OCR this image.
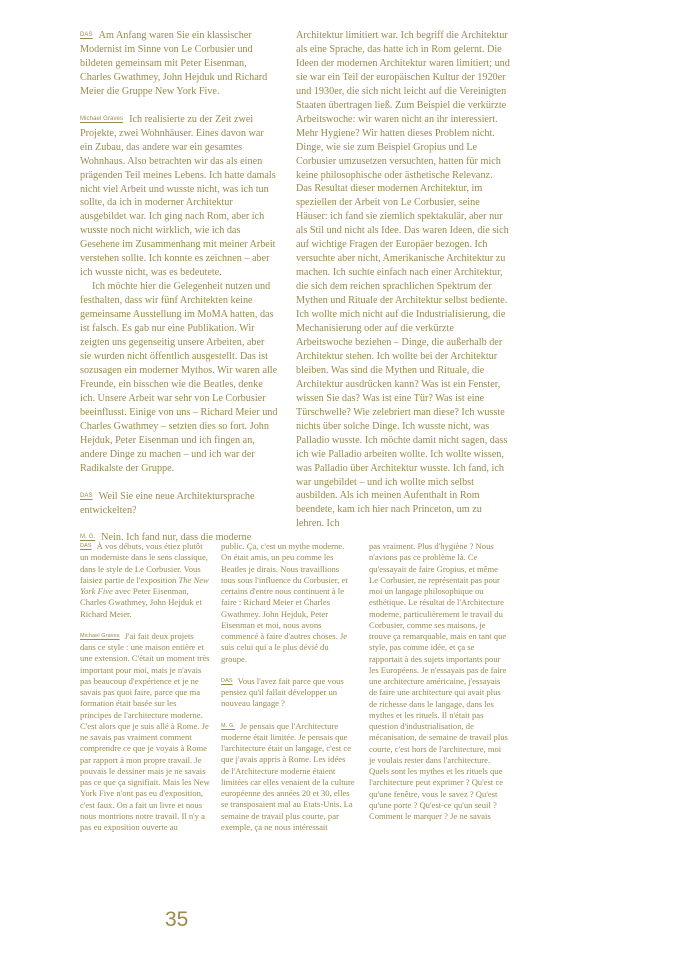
DAS Am Anfang waren Sie ein klassischer Modernist im Sinne von Le Corbusier und bildeten gemeinsam mit Peter Eisenman, Charles Gwathmey, John Hejduk und Richard Meier die Gruppe New York Five.

Michael Graves Ich realisierte zu der Zeit zwei Projekte, zwei Wohnhäuser. Eines davon war ein Zubau, das andere war ein gesamtes Wohnhaus. Also betrachten wir das als einen prägenden Teil meines Lebens. Ich hatte damals nicht viel Arbeit und wusste nicht, was ich tun sollte, da ich in moderner Architektur ausgebildet war. Ich ging nach Rom, aber ich wusste noch nicht wirklich, wie ich das Gesehene im Zusammenhang mit meiner Arbeit verstehen sollte. Ich konnte es zeichnen – aber ich wusste nicht, was es bedeutete.

Ich möchte hier die Gelegenheit nutzen und festhalten, dass wir fünf Architekten keine gemeinsame Ausstellung im MoMA hatten, das ist falsch. Es gab nur eine Publikation. Wir zeigten uns gegenseitig unsere Arbeiten, aber sie wurden nicht öffentlich ausgestellt. Das ist sozusagen ein moderner Mythos. Wir waren alle Freunde, ein bisschen wie die Beatles, denke ich. Unsere Arbeit war sehr von Le Corbusier beeinflusst. Einige von uns – Richard Meier und Charles Gwathmey – setzten dies so fort. John Hejduk, Peter Eisenman und ich fingen an, andere Dinge zu machen – und ich war der Radikalste der Gruppe.

DAS Weil Sie eine neue Architektursprache entwickelten?

M. G. Nein. Ich fand nur, dass die moderne

Architektur limitiert war. Ich begriff die Architektur als eine Sprache, das hatte ich in Rom gelernt. Die Ideen der modernen Architektur waren limitiert; und sie war ein Teil der europäischen Kultur der 1920er und 1930er, die sich nicht leicht auf die Vereinigten Staaten übertragen ließ. Zum Beispiel die verkürzte Arbeitswoche: wir waren nicht an ihr interessiert. Mehr Hygiene? Wir hatten dieses Problem nicht. Dinge, wie sie zum Beispiel Gropius und Le Corbusier umzusetzen versuchten, hatten für mich keine philosophische oder ästhetische Relevanz. Das Resultat dieser modernen Architektur, im speziellen der Arbeit von Le Corbusier, seine Häuser: ich fand sie ziemlich spektakulär, aber nur als Stil und nicht als Idee. Das waren Ideen, die sich auf wichtige Fragen der Europäer bezogen. Ich versuchte aber nicht, Amerikanische Architektur zu machen. Ich suchte einfach nach einer Architektur, die sich dem reichen sprachlichen Spektrum der Mythen und Rituale der Architektur selbst bediente. Ich wollte mich nicht auf die Industrialisierung, die Mechanisierung oder auf die verkürzte Arbeitswoche beziehen – Dinge, die außerhalb der Architektur stehen. Ich wollte bei der Architektur bleiben. Was sind die Mythen und Rituale, die Architektur ausdrücken kann? Was ist ein Fenster, wissen Sie das? Was ist eine Tür? Was ist eine Türschwelle? Wie zelebriert man diese? Ich wusste nichts über solche Dinge. Ich wusste nicht, was Palladio wusste. Ich möchte damit nicht sagen, dass ich wie Palladio arbeiten wollte. Ich wollte wissen, was Palladio über Architektur wusste. Ich fand, ich war ungebildet – und ich wollte mich selbst ausbilden. Als ich meinen Aufenthalt in Rom beendete, kam ich hier nach Princeton, um zu lehren. Ich

$^{DAS}$ À vos débuts, vous étiez plutôt un moderniste dans le sens classique, dans le style de Le Corbusier. Vous faisiez partie de l'exposition The New York Five avec Peter Eisenman, Charles Gwathmey, John Hejduk et Richard Meier.

$^{Michael Graves}$ J'ai fait deux projets dans ce style : une maison entière et une extension. C'était un moment très important pour moi, mais je n'avais pas beaucoup d'expérience et je ne savais pas quoi faire, parce que ma formation était basée sur les principes de l'architecture moderne. C'est alors que je suis allé à Rome. Je ne savais pas vraiment comment comprendre ce que je voyais à Rome par rapport à mon propre travail. Je pouvais le dessiner mais je ne savais pas ce que ça signifiait. Mais les New York Five n'ont pas eu d'exposition, c'est faux. On a fait un livre et nous nous montrions notre travail. Il n'y a pas eu exposition ouverte au

public. Ça, c'est un mythe moderne. On était amis, un peu comme les Beatles je dirais. Nous travaillions tous sous l'influence du Corbusier, et certains d'entre nous continuent à le faire : Richard Meier et Charles Gwathmey. John Hejduk, Peter Eisenman et moi, nous avons commencé à faire d'autres choses. Je suis celui qui a le plus dévié du groupe.

$^{DAS}$ Vous l'avez fait parce que vous pensiez qu'il fallait développer un nouveau langage ?

$^{M. G.}$ Je pensais que l'Architecture moderne était limitée. Je pensais que l'architecture était un langage, c'est ce que j'avais appris à Rome. Les idées de l'Architecture moderne étaient limitées car elles venaient de la culture européenne des années 20 et 30, elles se transposaient mal au Etats-Unis. La semaine de travail plus courte, par exemple, ça ne nous intéressait

pas vraiment. Plus d'hygiène ? Nous n'avions pas ce problème là. Ce qu'essayait de faire Gropius, et même Le Corbusier, ne représentait pas pour moi un langage philosophique ou esthétique. Le résultat de l'Architecture moderne, particulièrement le travail du Corbusier, comme ses maisons, je trouve ça remarquable, mais en tant que style, pas comme idée, et ça se rapportait à des sujets importants pour les Européens. Je n'essayais pas de faire une architecture américaine, j'essayais de faire une architecture qui avait plus de richesse dans le langage, dans les mythes et les rituels. Il n'était pas question d'industrialisation, de mécanisation, de semaine de travail plus courte, c'est hors de l'architecture, moi je voulais rester dans l'architecture. Quels sont les mythes et les rituels que l'architecture peut exprimer ? Qu'est ce qu'une fenêtre, vous le savez ? Qu'est qu'une porte ? Qu'est-ce qu'un seuil ? Comment le marquer ? Je ne savais

35
